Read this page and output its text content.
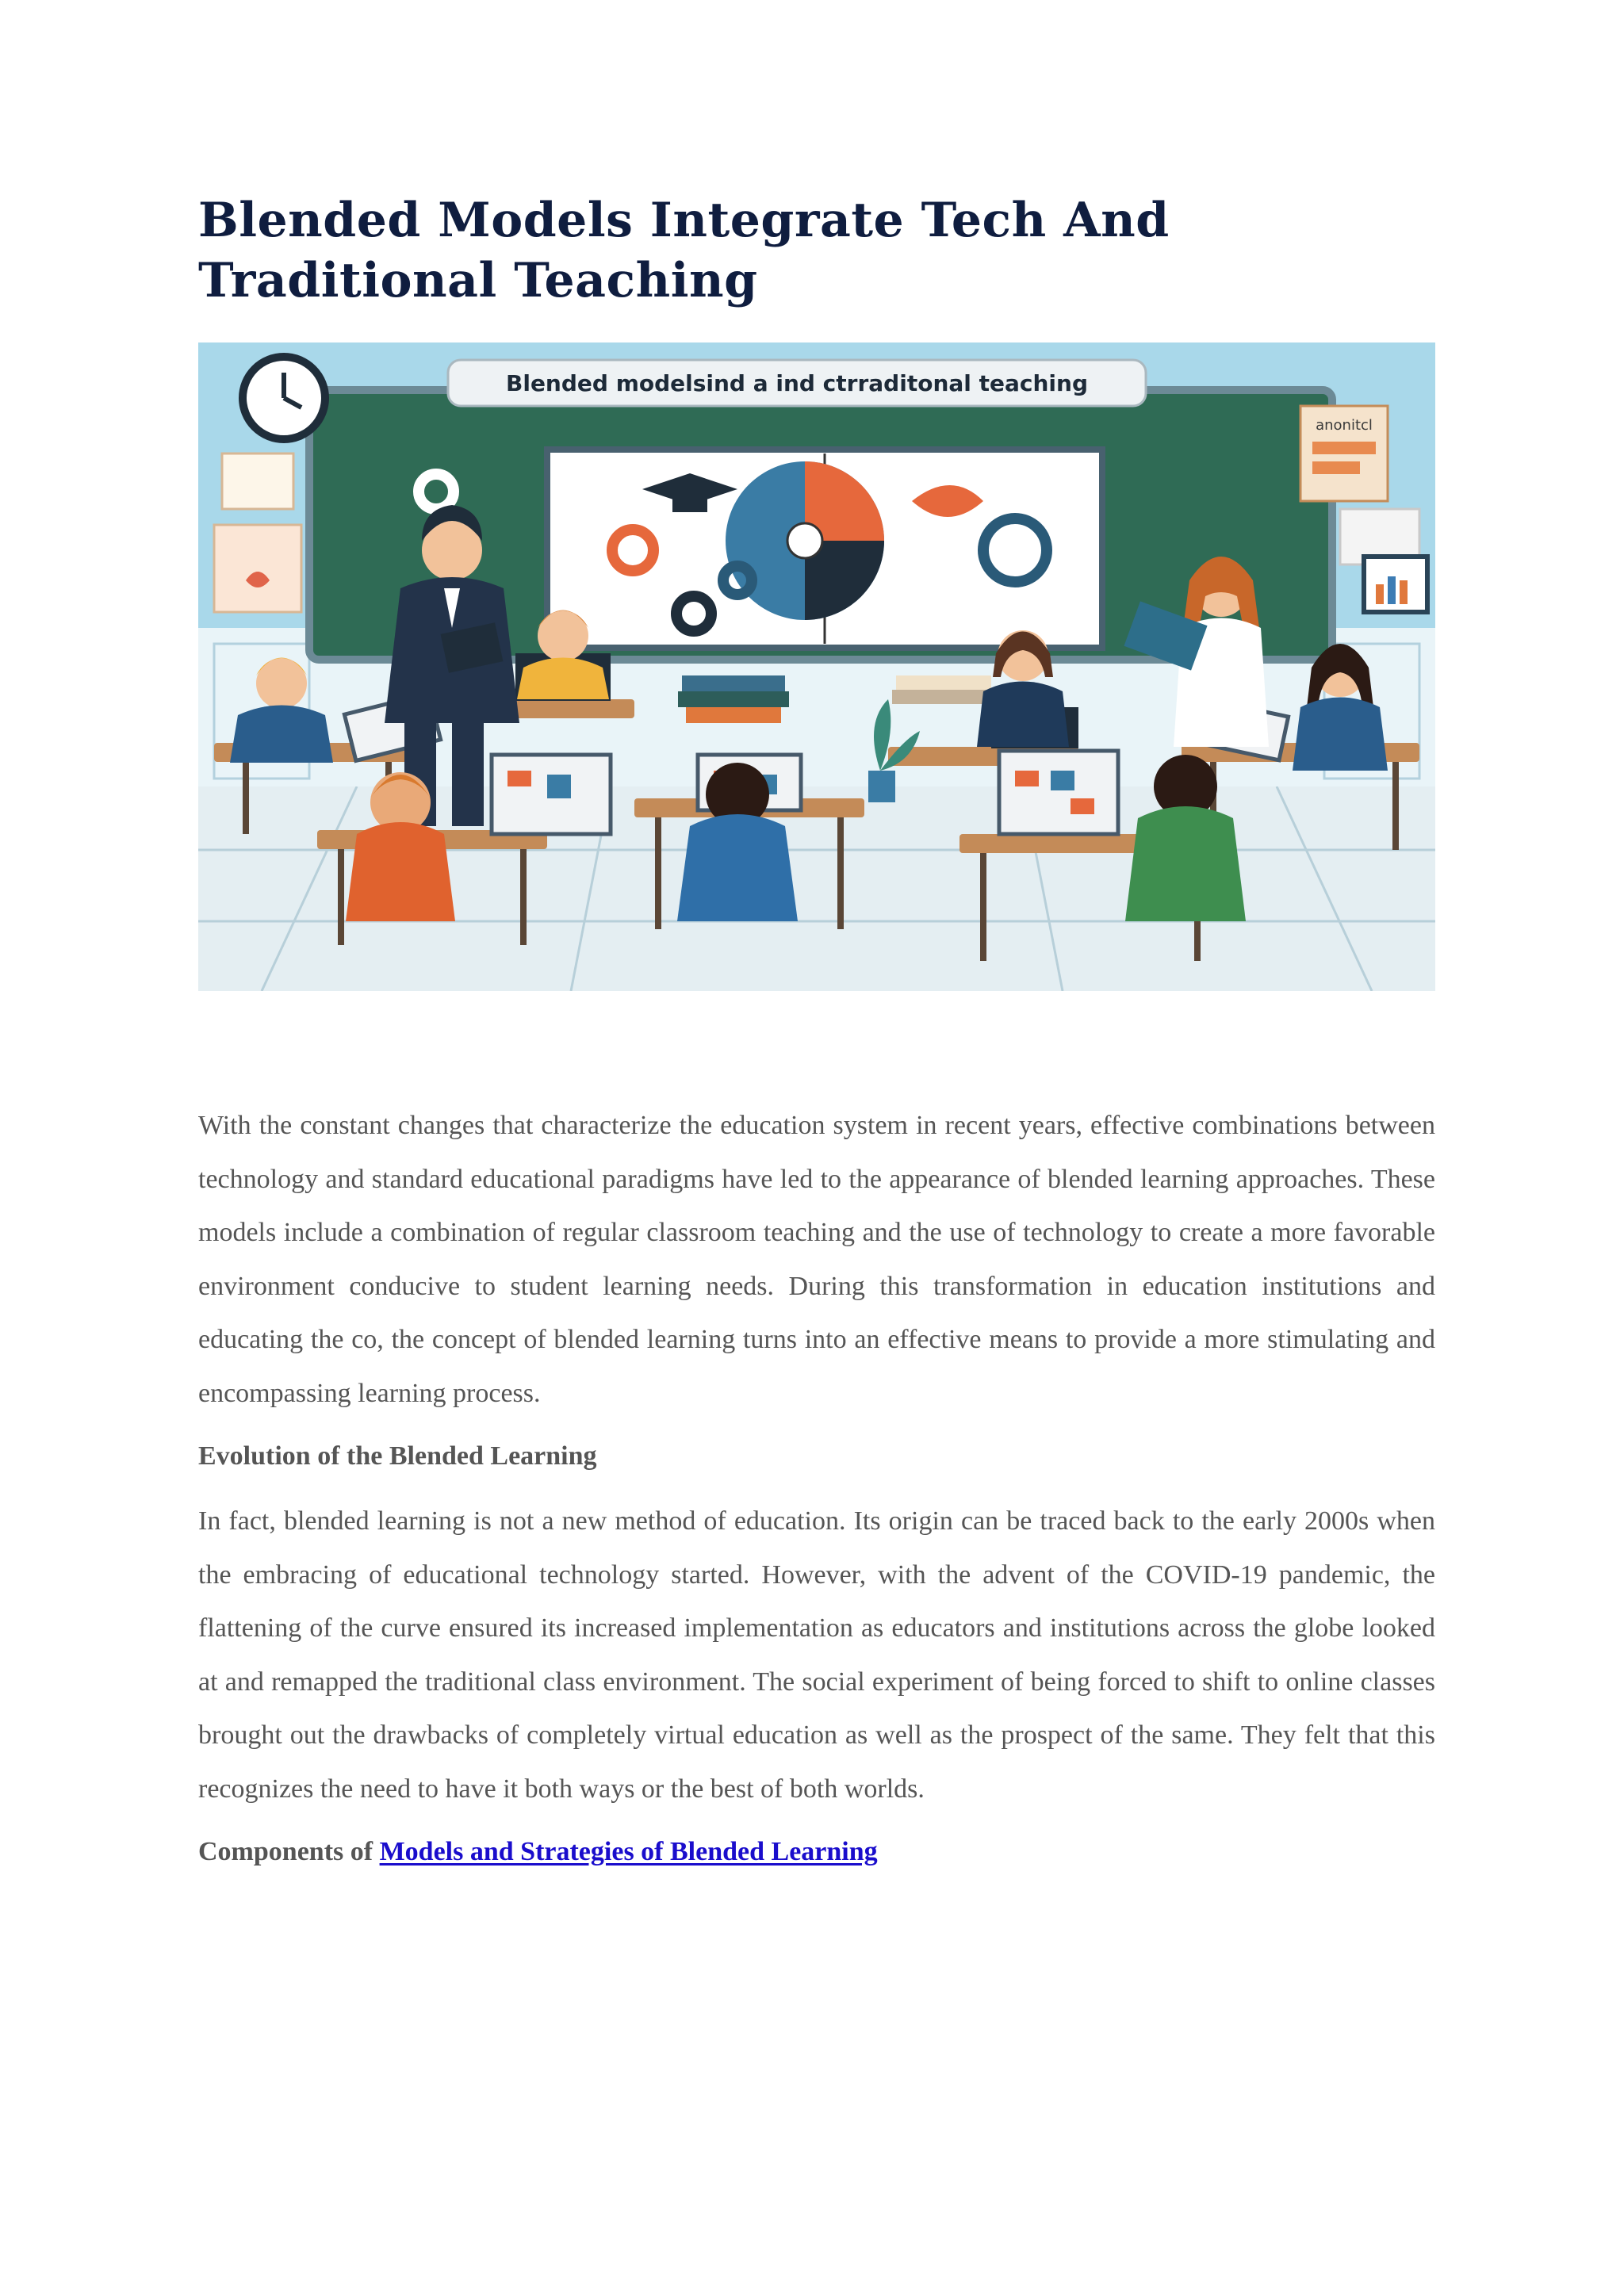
Blended Models Integrate Tech And Traditional Teaching
Blended modelsind a ind ctrraditonal teaching
anonitcl

With the constant changes that characterize the education system in recent years, effective combinations between technology and standard educational paradigms have led to the appearance of blended learning approaches. These models include a combination of regular classroom teaching and the use of technology to create a more favorable environment conducive to student learning needs. During this transformation in education institutions and educating the co, the concept of blended learning turns into an effective means to provide a more stimulating and encompassing learning process.

Evolution of the Blended Learning

In fact, blended learning is not a new method of education. Its origin can be traced back to the early 2000s when the embracing of educational technology started. However, with the advent of the COVID-19 pandemic, the flattening of the curve ensured its increased implementation as educators and institutions across the globe looked at and remapped the traditional class environment. The social experiment of being forced to shift to online classes brought out the drawbacks of completely virtual education as well as the prospect of the same. They felt that this recognizes the need to have it both ways or the best of both worlds.

Components of Models and Strategies of Blended Learning
